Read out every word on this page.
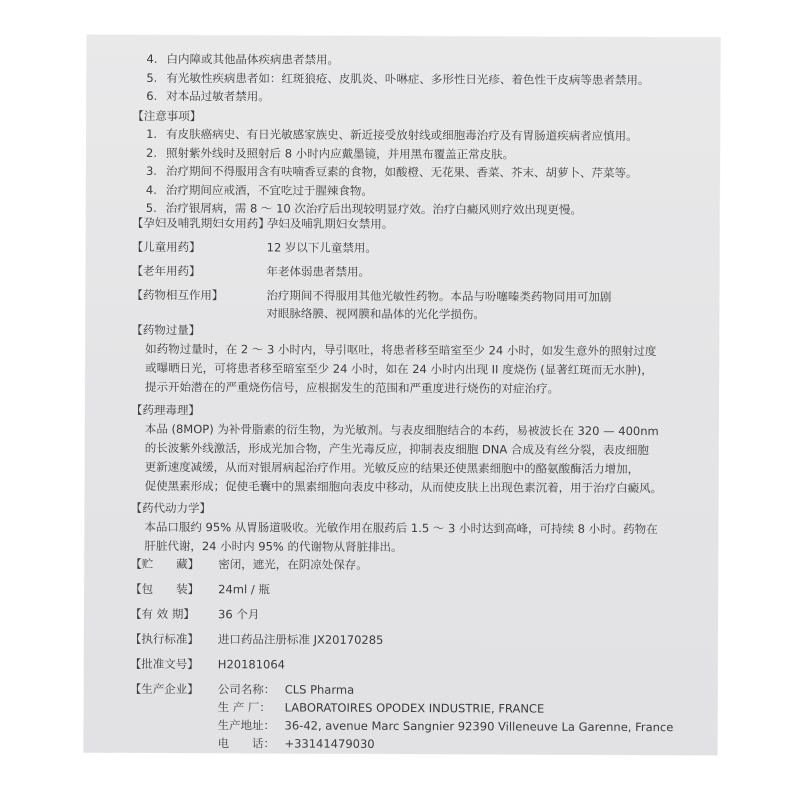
4. 白内障或其他晶体疾病患者禁用。
5. 有光敏性疾病患者如：红斑狼疮、皮肌炎、卟啉症、多形性日光疹、着色性干皮病等患者禁用。
6. 对本品过敏者禁用。
【注意事项】
1. 有皮肤癌病史、有日光敏感家族史、新近接受放射线或细胞毒治疗及有胃肠道疾病者应慎用。
2. 照射紫外线时及照射后 8 小时内应戴墨镜，并用黑布覆盖正常皮肤。
3. 治疗期间不得服用含有呋喃香豆素的食物，如酸橙、无花果、香菜、芥末、胡萝卜、芹菜等。
4. 治疗期间应戒酒，不宜吃过于腥辣食物。
5. 治疗银屑病，需 8 ～ 10 次治疗后出现较明显疗效。治疗白癜风则疗效出现更慢。
【孕妇及哺乳期妇女用药】
孕妇及哺乳期妇女禁用。
【儿童用药】	12 岁以下儿童禁用。
【老年用药】	年老体弱患者禁用。
【药物相互作用】	治疗期间不得服用其他光敏性药物。本品与吩噻嗪类药物同用可加剧
对眼脉络膜、视网膜和晶体的光化学损伤。
【药物过量】
如药物过量时，在 2 ～ 3 小时内，导引呕吐，将患者移至暗室至少 24 小时，如发生意外的照射过度
或曝晒日光，可将患者移至暗室至少 24 小时，如在 24 小时内出现 II 度烧伤 (显著红斑而无水肿)，
提示开始潜在的严重烧伤信号，应根据发生的范围和严重度进行烧伤的对症治疗。
【药理毒理】
本品 (8MOP) 为补骨脂素的衍生物，为光敏剂。与表皮细胞结合的本药，易被波长在 320 — 400nm
的长波紫外线激活，形成光加合物，产生光毒反应，抑制表皮细胞 DNA 合成及有丝分裂，表皮细胞
更新速度减缓，从而对银屑病起治疗作用。光敏反应的结果还使黑素细胞中的酪氨酸酶活力增加，
促使黑素形成；促使毛囊中的黑素细胞向表皮中移动，从而使皮肤上出现色素沉着，用于治疗白癜风。
【药代动力学】
本品口服约 95% 从胃肠道吸收。光敏作用在服药后 1.5 ～ 3 小时达到高峰，可持续 8 小时。药物在
肝脏代谢，24 小时内 95% 的代谢物从肾脏排出。
【贮　　藏】 密闭，遮光，在阴凉处保存。
【包　　装】 24ml / 瓶
【有 效 期】 36 个月
【执行标准】 进口药品注册标准 JX20170285
【批准文号】 H20181064
【生产企业】	公司名称： CLS Pharma
生 产 厂： LABORATOIRES OPODEX INDUSTRIE, FRANCE
生产地址： 36-42, avenue Marc Sangnier 92390 Villeneuve La Garenne, France
电　　话： +33141479030
